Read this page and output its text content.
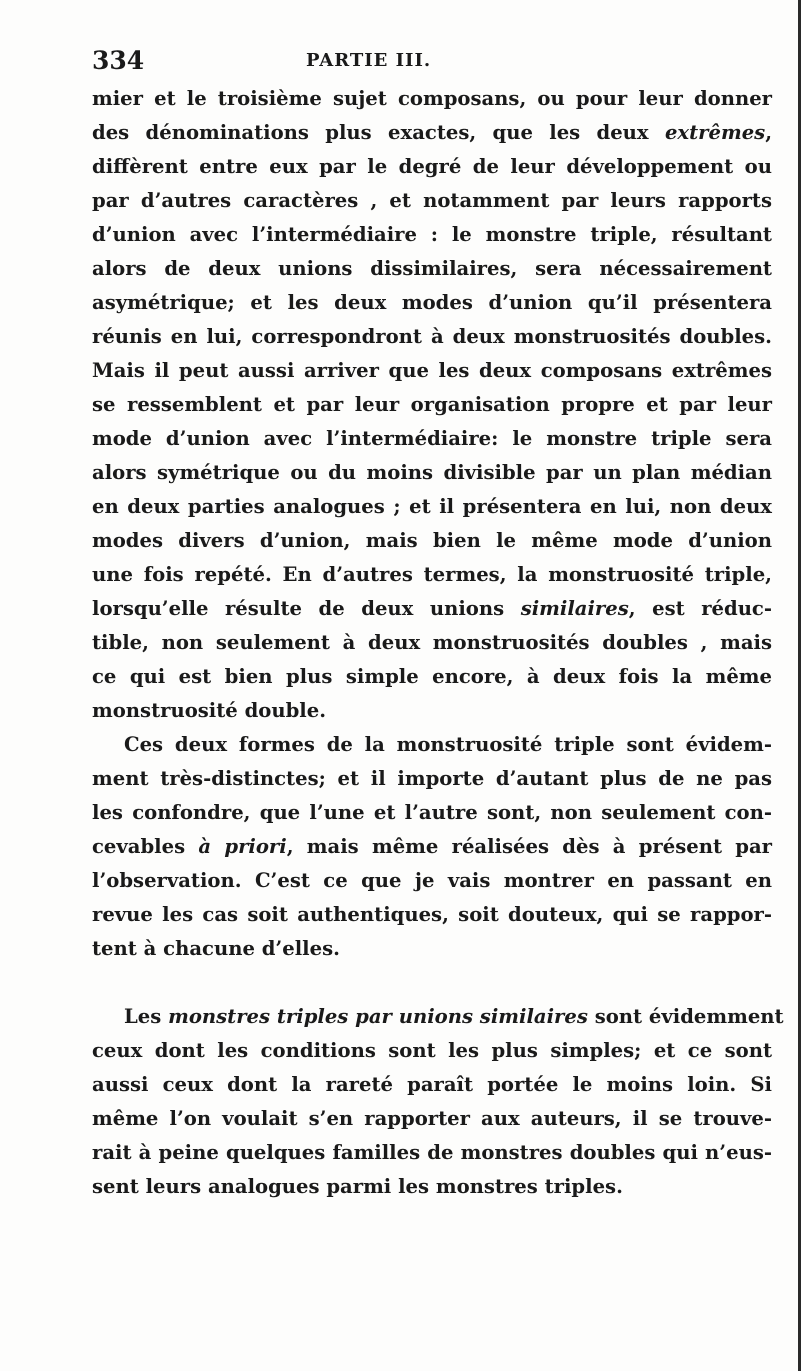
334	PARTIE III.
mier et le troisième sujet composans, ou pour leur donner
des dénominations plus exactes, que les deux extrêmes,
diffèrent entre eux par le degré de leur développement ou
par d’autres caractères , et notamment par leurs rapports
d’union avec l’intermédiaire : le monstre triple, résultant
alors de deux unions dissimilaires, sera nécessairement
asymétrique; et les deux modes d’union qu’il présentera
réunis en lui, correspondront à deux monstruosités doubles.
Mais il peut aussi arriver que les deux composans extrêmes
se ressemblent et par leur organisation propre et par leur
mode d’union avec l’intermédiaire: le monstre triple sera
alors symétrique ou du moins divisible par un plan médian
en deux parties analogues ; et il présentera en lui, non deux
modes divers d’union, mais bien le même mode d’union
une fois repété. En d’autres termes, la monstruosité triple,
lorsqu’elle résulte de deux unions similaires, est réduc-
tible, non seulement à deux monstruosités doubles , mais
ce qui est bien plus simple encore, à deux fois la même
monstruosité double.
Ces deux formes de la monstruosité triple sont évidem-
ment très-distinctes; et il importe d’autant plus de ne pas
les confondre, que l’une et l’autre sont, non seulement con-
cevables à priori, mais même réalisées dès à présent par
l’observation. C’est ce que je vais montrer en passant en
revue les cas soit authentiques, soit douteux, qui se rappor-
tent à chacune d’elles.
Les monstres triples par unions similaires sont évidemment
ceux dont les conditions sont les plus simples; et ce sont
aussi ceux dont la rareté paraît portée le moins loin. Si
même l’on voulait s’en rapporter aux auteurs, il se trouve-
rait à peine quelques familles de monstres doubles qui n’eus-
sent leurs analogues parmi les monstres triples.
